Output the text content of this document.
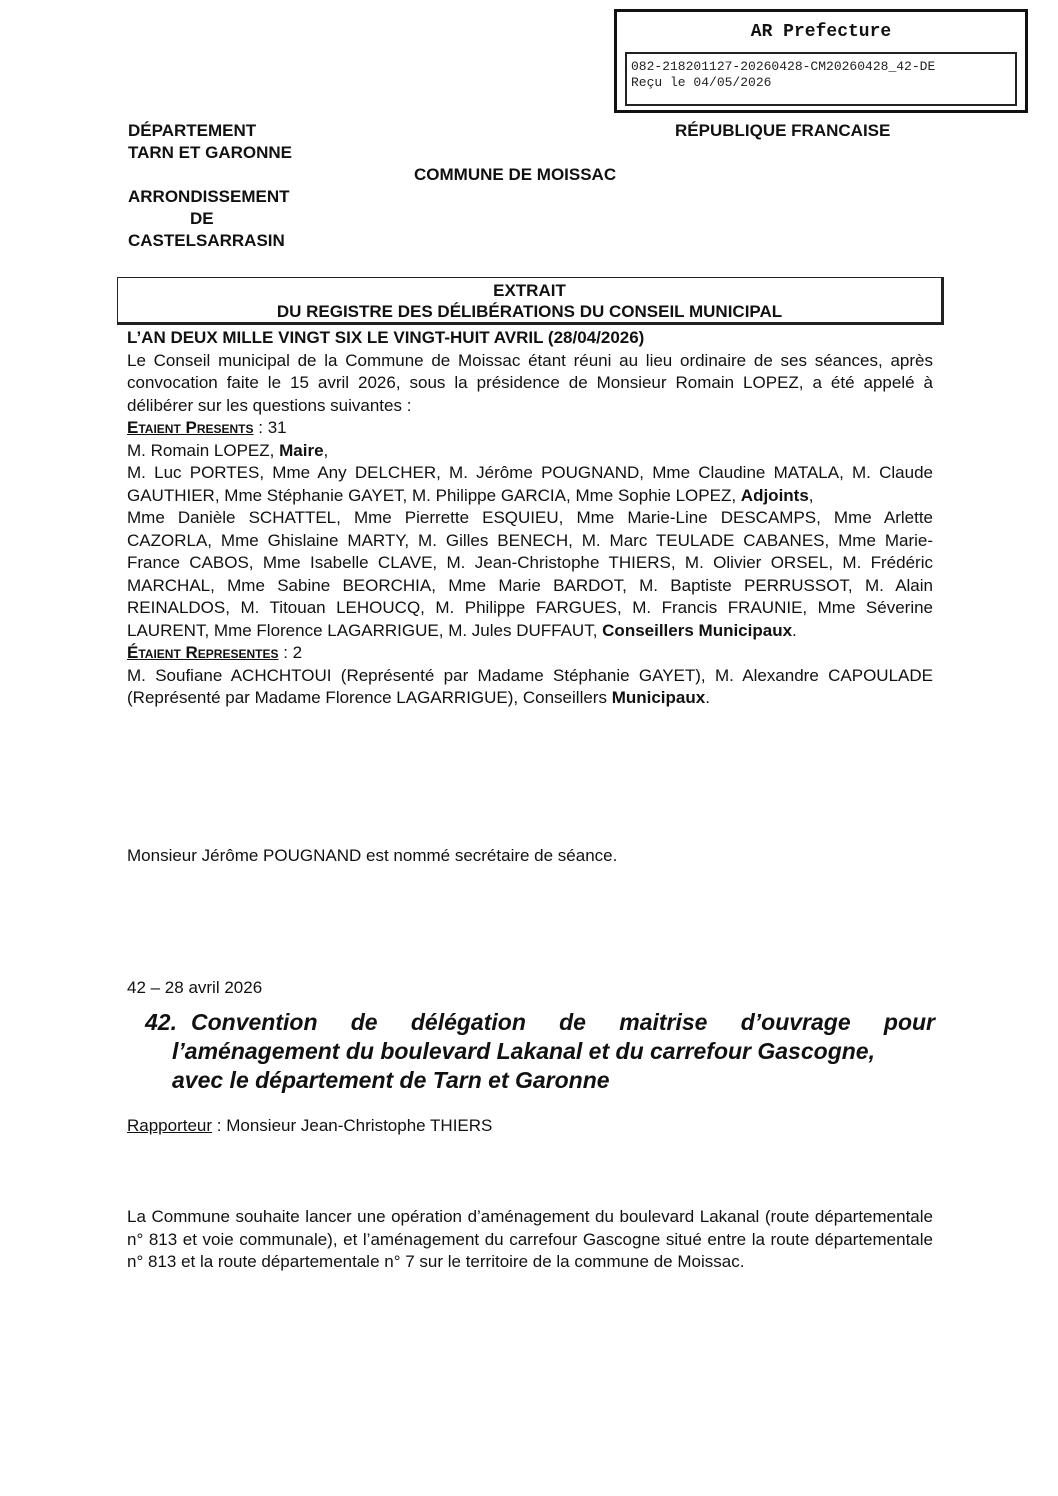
AR Prefecture
082-218201127-20260428-CM20260428_42-DE
Reçu le 04/05/2026
DÉPARTEMENT
TARN ET GARONNE
RÉPUBLIQUE FRANCAISE
COMMUNE DE MOISSAC
ARRONDISSEMENT
DE
CASTELSARRASIN
EXTRAIT
DU REGISTRE DES DÉLIBÉRATIONS DU CONSEIL MUNICIPAL

L’AN DEUX MILLE VINGT SIX LE VINGT-HUIT AVRIL (28/04/2026)

Le Conseil municipal de la Commune de Moissac étant réuni au lieu ordinaire de ses séances, après convocation faite le 15 avril 2026, sous la présidence de Monsieur Romain LOPEZ, a été appelé à délibérer sur les questions suivantes :

Etaient Presents : 31

M. Romain LOPEZ, Maire,

M. Luc PORTES, Mme Any DELCHER, M. Jérôme POUGNAND, Mme Claudine MATALA, M. Claude GAUTHIER, Mme Stéphanie GAYET, M. Philippe GARCIA, Mme Sophie LOPEZ, Adjoints,

Mme Danièle SCHATTEL, Mme Pierrette ESQUIEU, Mme Marie-Line DESCAMPS, Mme Arlette CAZORLA, Mme Ghislaine MARTY, M. Gilles BENECH, M. Marc TEULADE CABANES, Mme Marie-France CABOS, Mme Isabelle CLAVE, M. Jean-Christophe THIERS, M. Olivier ORSEL, M. Frédéric MARCHAL, Mme Sabine BEORCHIA, Mme Marie BARDOT, M. Baptiste PERRUSSOT, M. Alain REINALDOS, M. Titouan LEHOUCQ, M. Philippe FARGUES, M. Francis FRAUNIE, Mme Séverine LAURENT, Mme Florence LAGARRIGUE, M. Jules DUFFAUT, Conseillers Municipaux.

Étaient Representes : 2

M. Soufiane ACHCHTOUI (Représenté par Madame Stéphanie GAYET), M. Alexandre CAPOULADE (Représenté par Madame Florence LAGARRIGUE), Conseillers Municipaux.

Monsieur Jérôme POUGNAND est nommé secrétaire de séance.
42 – 28 avril 2026
42. Convention de délégation de maitrise d’ouvrage pour
l’aménagement du boulevard Lakanal et du carrefour Gascogne,
avec le département de Tarn et Garonne
Rapporteur : Monsieur Jean-Christophe THIERS
La Commune souhaite lancer une opération d’aménagement du boulevard Lakanal (route départementale n° 813 et voie communale), et l’aménagement du carrefour Gascogne situé entre la route départementale n° 813 et la route départementale n° 7 sur le territoire de la commune de Moissac.
